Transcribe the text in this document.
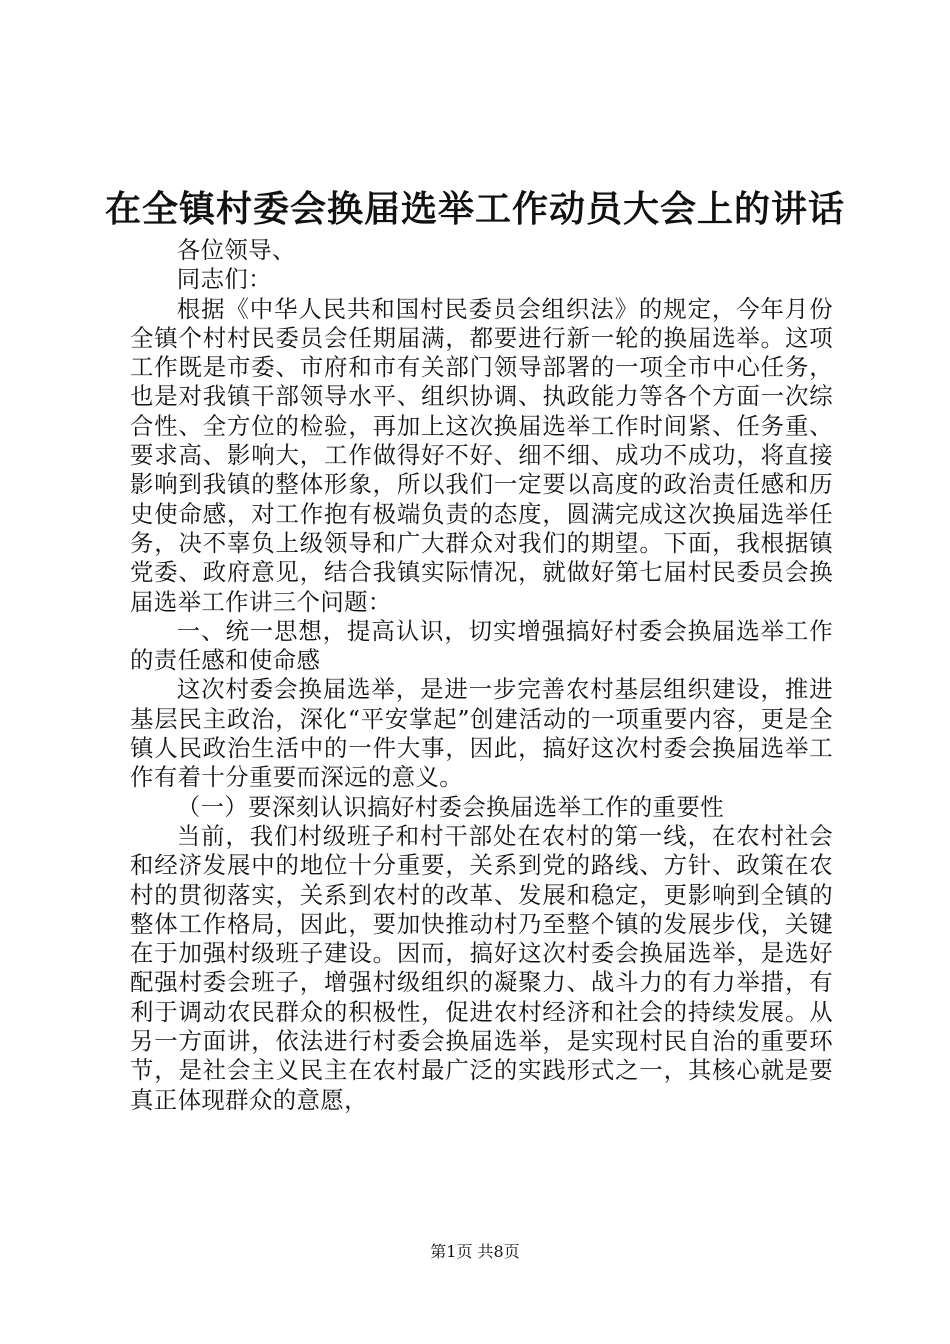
在全镇村委会换届选举工作动员大会上的讲话

各位领导、

同志们：

根据《中华人民共和国村民委员会组织法》的规定，今年月份全镇个村村民委员会任期届满，都要进行新一轮的换届选举。这项工作既是市委、市府和市有关部门领导部署的一项全市中心任务，也是对我镇干部领导水平、组织协调、执政能力等各个方面一次综合性、全方位的检验，再加上这次换届选举工作时间紧、任务重、要求高、影响大，工作做得好不好、细不细、成功不成功，将直接影响到我镇的整体形象，所以我们一定要以高度的政治责任感和历史使命感，对工作抱有极端负责的态度，圆满完成这次换届选举任务，决不辜负上级领导和广大群众对我们的期望。下面，我根据镇党委、政府意见，结合我镇实际情况，就做好第七届村民委员会换届选举工作讲三个问题：

一、统一思想，提高认识，切实增强搞好村委会换届选举工作的责任感和使命感

这次村委会换届选举，是进一步完善农村基层组织建设，推进基层民主政治，深化“平安掌起”创建活动的一项重要内容，更是全镇人民政治生活中的一件大事，因此，搞好这次村委会换届选举工作有着十分重要而深远的意义。

（一）要深刻认识搞好村委会换届选举工作的重要性

当前，我们村级班子和村干部处在农村的第一线，在农村社会和经济发展中的地位十分重要，关系到党的路线、方针、政策在农村的贯彻落实，关系到农村的改革、发展和稳定，更影响到全镇的整体工作格局，因此，要加快推动村乃至整个镇的发展步伐，关键在于加强村级班子建设。因而，搞好这次村委会换届选举，是选好配强村委会班子，增强村级组织的凝聚力、战斗力的有力举措，有利于调动农民群众的积极性，促进农村经济和社会的持续发展。从另一方面讲，依法进行村委会换届选举，是实现村民自治的重要环节，是社会主义民主在农村最广泛的实践形式之一，其核心就是要真正体现群众的意愿，

第1页 共8页
